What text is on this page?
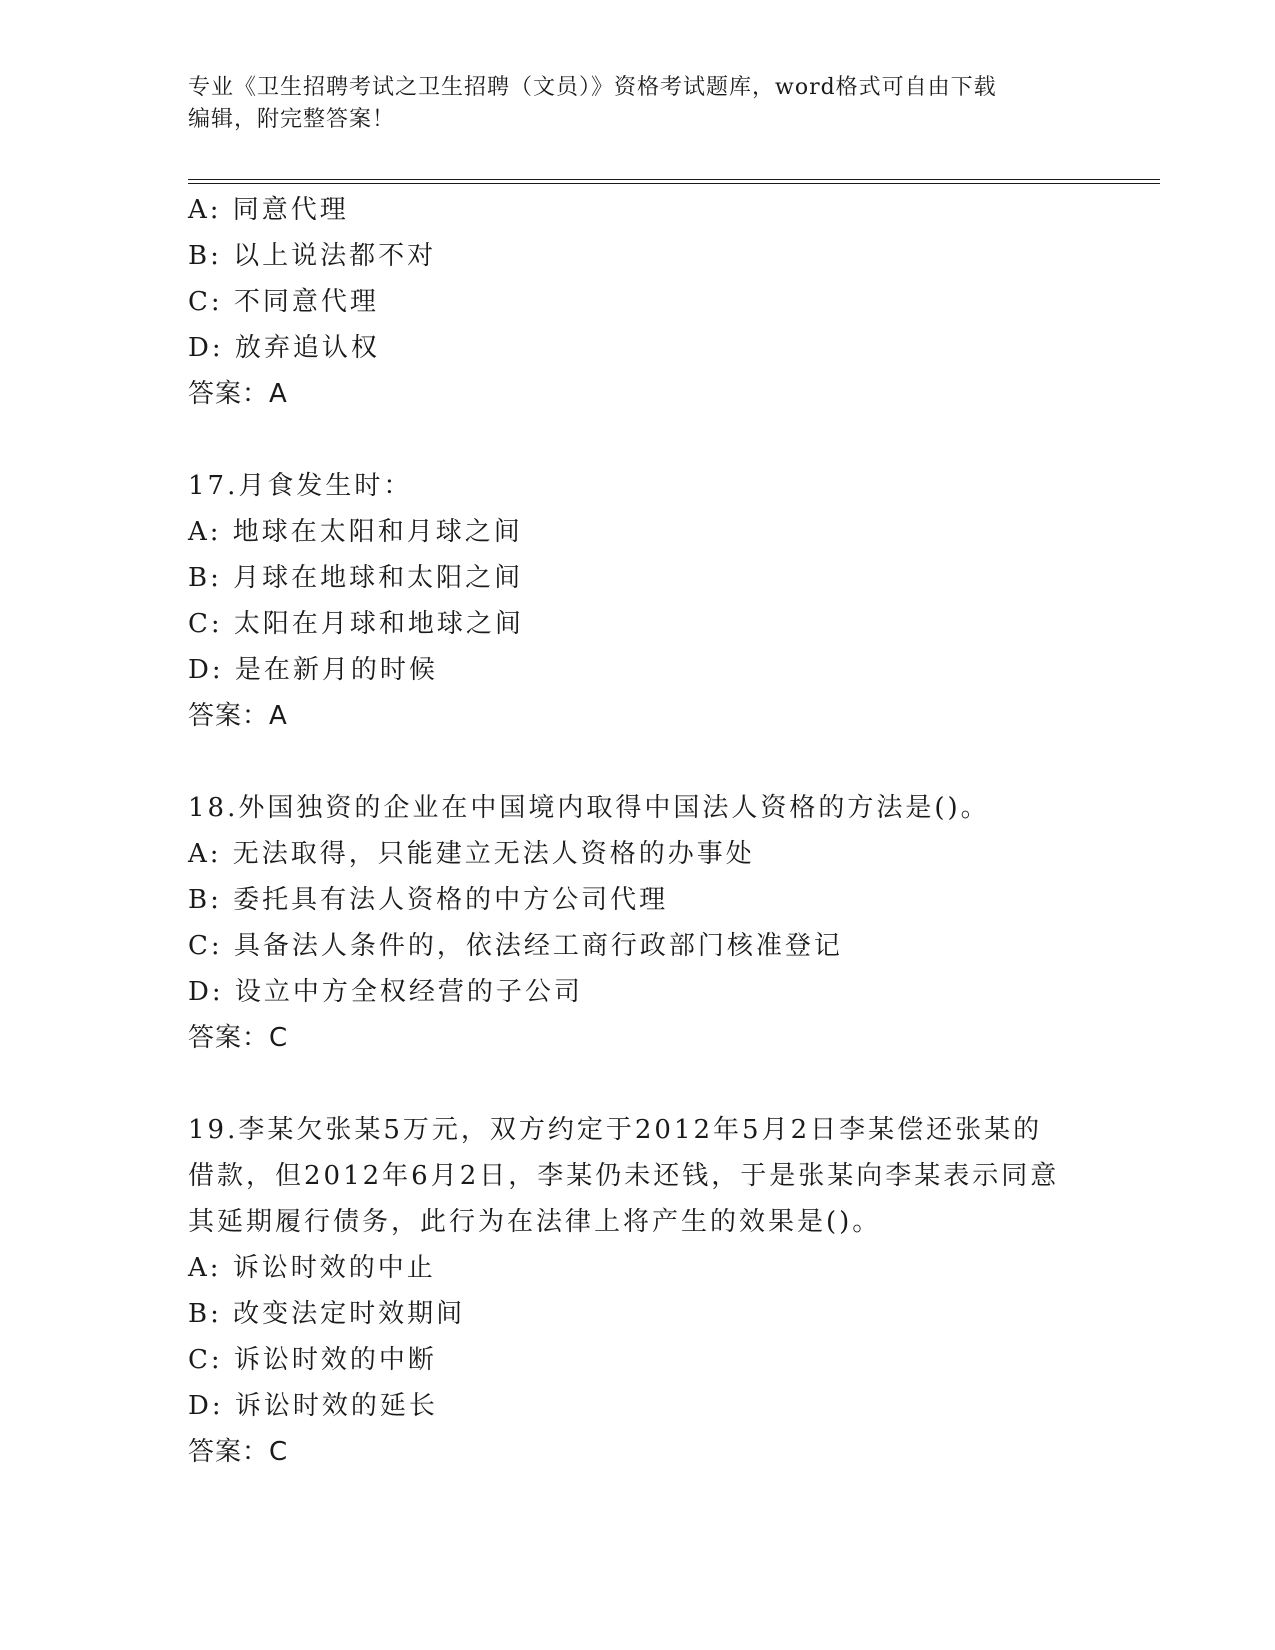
专业《卫生招聘考试之卫生招聘（文员）》资格考试题库，word格式可自由下载
编辑，附完整答案！
A: 同意代理
B: 以上说法都不对
C: 不同意代理
D: 放弃追认权
答案：A
17.月食发生时：
A: 地球在太阳和月球之间
B: 月球在地球和太阳之间
C: 太阳在月球和地球之间
D: 是在新月的时候
答案：A
18.外国独资的企业在中国境内取得中国法人资格的方法是()。
A: 无法取得，只能建立无法人资格的办事处
B: 委托具有法人资格的中方公司代理
C: 具备法人条件的，依法经工商行政部门核准登记
D: 设立中方全权经营的子公司
答案：C
19.李某欠张某5万元，双方约定于2012年5月2日李某偿还张某的
借款，但2012年6月2日，李某仍未还钱，于是张某向李某表示同意
其延期履行债务，此行为在法律上将产生的效果是()。
A: 诉讼时效的中止
B: 改变法定时效期间
C: 诉讼时效的中断
D: 诉讼时效的延长
答案：C
